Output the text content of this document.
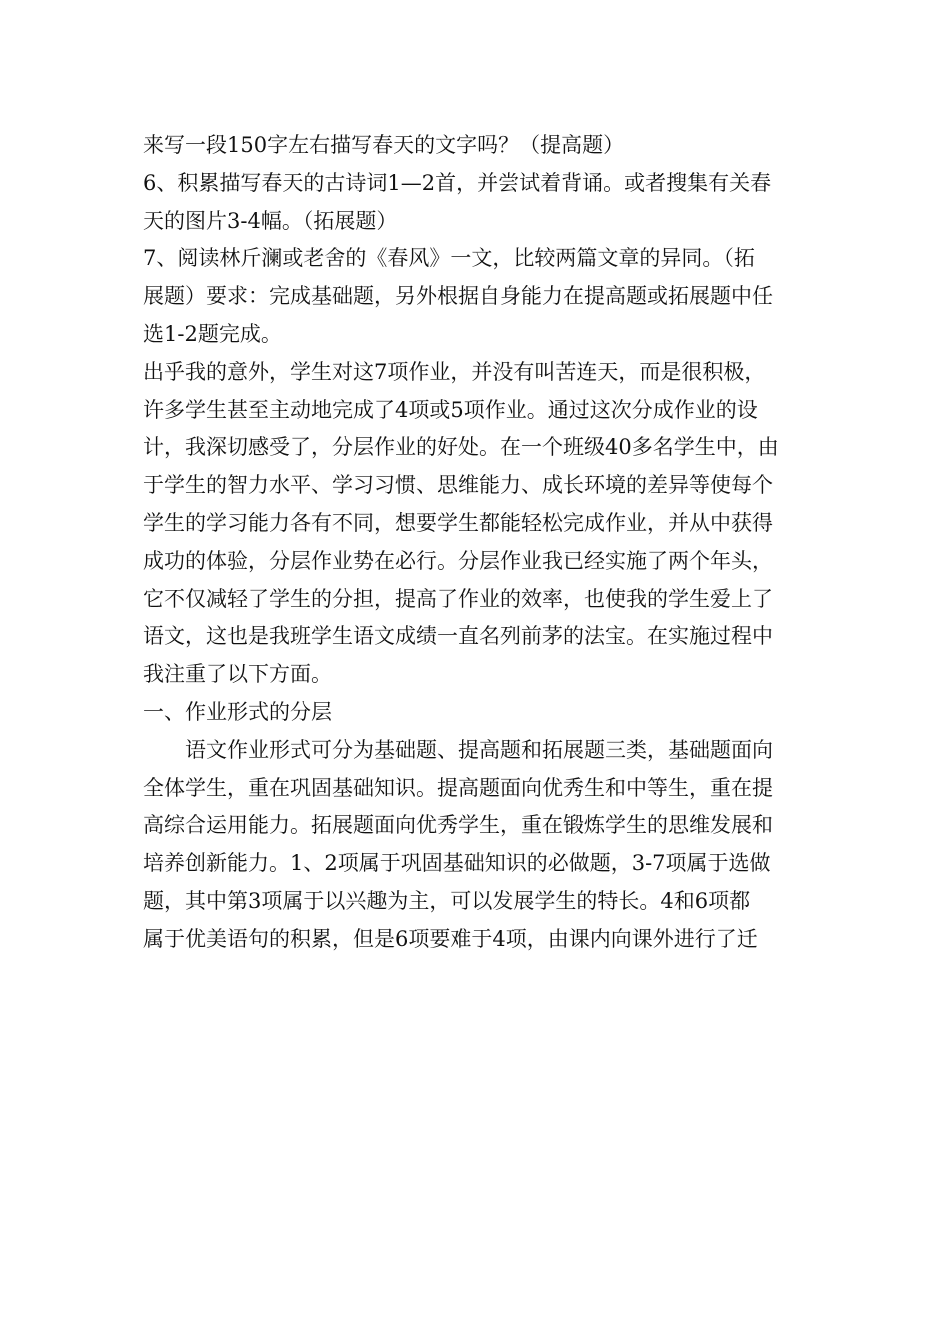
来写一段150字左右描写春天的文字吗？（提高题）

6、积累描写春天的古诗词1—2首，并尝试着背诵。或者搜集有关春

天的图片3-4幅。（拓展题）

7、阅读林斤澜或老舍的《春风》一文，比较两篇文章的异同。（拓

展题）要求：完成基础题，另外根据自身能力在提高题或拓展题中任

选1-2题完成。

出乎我的意外，学生对这7项作业，并没有叫苦连天，而是很积极，

许多学生甚至主动地完成了4项或5项作业。通过这次分成作业的设

计，我深切感受了，分层作业的好处。在一个班级40多名学生中，由

于学生的智力水平、学习习惯、思维能力、成长环境的差异等使每个

学生的学习能力各有不同，想要学生都能轻松完成作业，并从中获得

成功的体验，分层作业势在必行。分层作业我已经实施了两个年头，

它不仅减轻了学生的分担，提高了作业的效率，也使我的学生爱上了

语文，这也是我班学生语文成绩一直名列前茅的法宝。在实施过程中

我注重了以下方面。

一、作业形式的分层

　　语文作业形式可分为基础题、提高题和拓展题三类，基础题面向

全体学生，重在巩固基础知识。提高题面向优秀生和中等生，重在提

高综合运用能力。拓展题面向优秀学生，重在锻炼学生的思维发展和

培养创新能力。1、2项属于巩固基础知识的必做题，3-7项属于选做

题，其中第3项属于以兴趣为主，可以发展学生的特长。4和6项都

属于优美语句的积累，但是6项要难于4项，由课内向课外进行了迁
